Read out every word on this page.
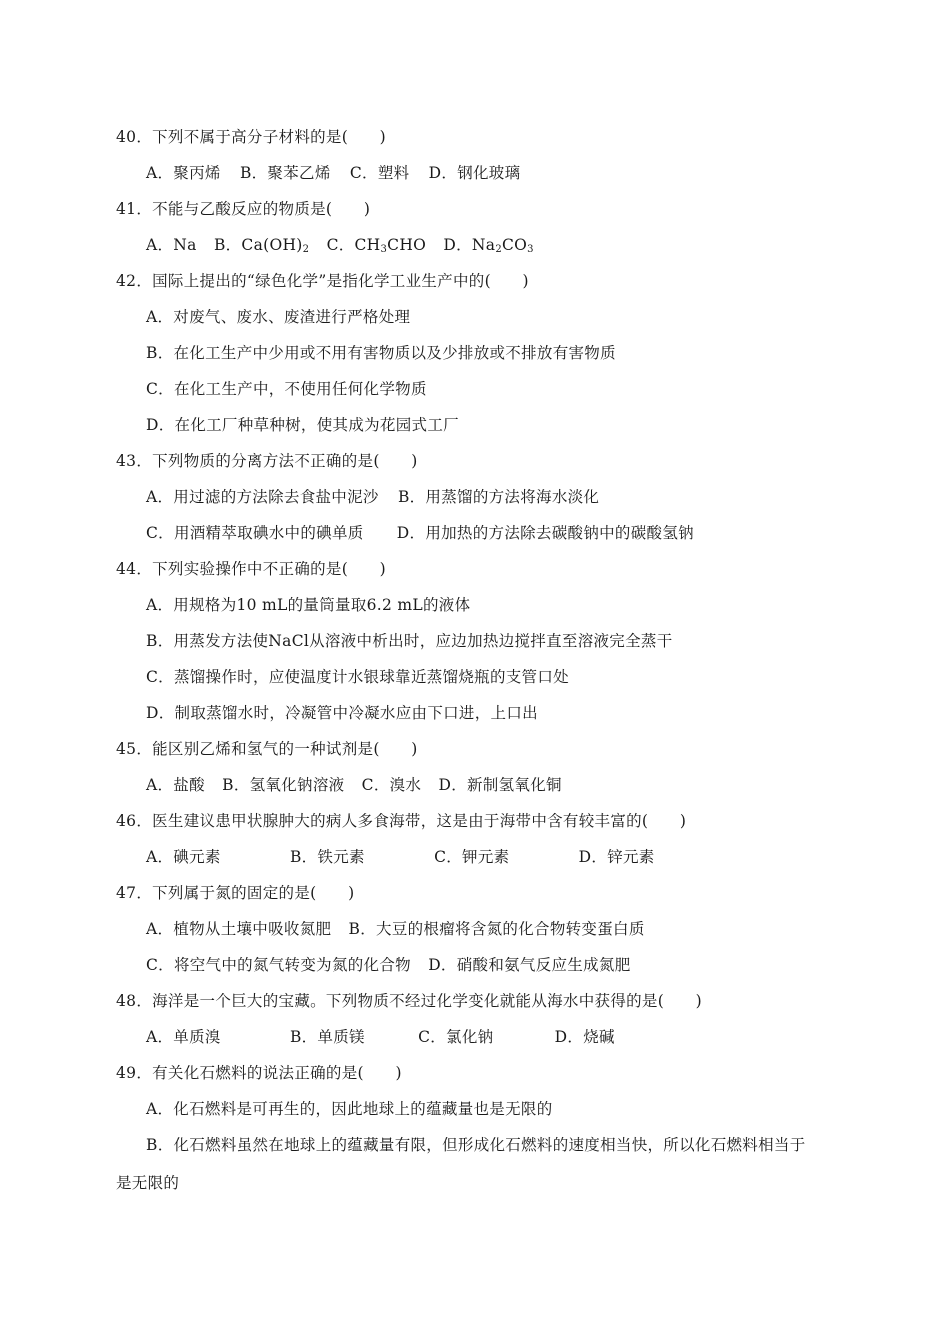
40．下列不属于高分子材料的是(　　)
A．聚丙烯 B．聚苯乙烯 C．塑料 D．钢化玻璃
41．不能与乙酸反应的物质是(　　)
A．Na B．$Ca(OH)_2$ C．$CH_3CHO$ D．$Na_2CO_3$
42．国际上提出的“绿色化学”是指化学工业生产中的(　　)
A．对废气、废水、废渣进行严格处理
B．在化工生产中少用或不用有害物质以及少排放或不排放有害物质
C．在化工生产中，不使用任何化学物质
D．在化工厂种草种树，使其成为花园式工厂
43．下列物质的分离方法不正确的是(　　)
A．用过滤的方法除去食盐中泥沙 B．用蒸馏的方法将海水淡化
C．用酒精萃取碘水中的碘单质 D．用加热的方法除去碳酸钠中的碳酸氢钠
44．下列实验操作中不正确的是(　　)
A．用规格为10 mL的量筒量取6.2 mL的液体
B．用蒸发方法使NaCl从溶液中析出时，应边加热边搅拌直至溶液完全蒸干
C．蒸馏操作时，应使温度计水银球靠近蒸馏烧瓶的支管口处
D．制取蒸馏水时，冷凝管中冷凝水应由下口进，上口出
45．能区别乙烯和氢气的一种试剂是(　　)
A．盐酸 B．氢氧化钠溶液 C．溴水 D．新制氢氧化铜
46．医生建议患甲状腺肿大的病人多食海带，这是由于海带中含有较丰富的(　　)
A．碘元素	B．铁元素	C．钾元素	D．锌元素
47．下列属于氮的固定的是(　　)
A．植物从土壤中吸收氮肥 B．大豆的根瘤将含氮的化合物转变蛋白质
C．将空气中的氮气转变为氮的化合物 D．硝酸和氨气反应生成氮肥
48．海洋是一个巨大的宝藏。下列物质不经过化学变化就能从海水中获得的是(　　)
A．单质溴	B．单质镁	C．氯化钠	D．烧碱
49．有关化石燃料的说法正确的是(　　)
A．化石燃料是可再生的，因此地球上的蕴藏量也是无限的
B．化石燃料虽然在地球上的蕴藏量有限，但形成化石燃料的速度相当快，所以化石燃料相当于
是无限的
